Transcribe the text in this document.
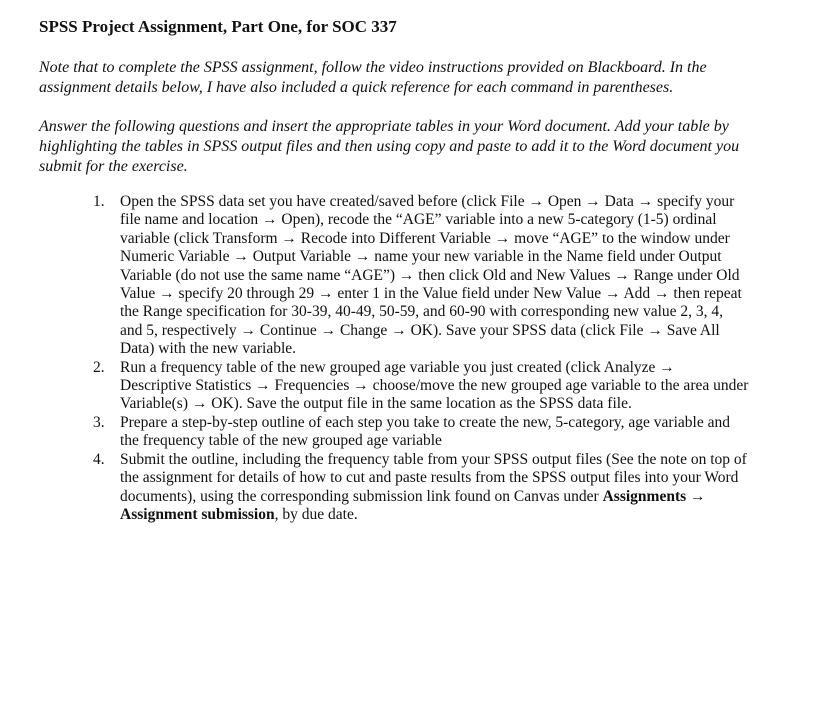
SPSS Project Assignment, Part One, for SOC 337

Note that to complete the SPSS assignment, follow the video instructions provided on Blackboard. In the assignment details below, I have also included a quick reference for each command in parentheses.

Answer the following questions and insert the appropriate tables in your Word document. Add your table by highlighting the tables in SPSS output files and then using copy and paste to add it to the Word document you submit for the exercise.

1. Open the SPSS data set you have created/saved before (click File → Open → Data → specify your file name and location → Open), recode the “AGE” variable into a new 5-category (1-5) ordinal variable (click Transform → Recode into Different Variable → move “AGE” to the window under Numeric Variable → Output Variable → name your new variable in the Name field under Output Variable (do not use the same name “AGE”) → then click Old and New Values → Range under Old Value → specify 20 through 29 → enter 1 in the Value field under New Value → Add → then repeat the Range specification for 30-39, 40-49, 50-59, and 60-90 with corresponding new value 2, 3, 4, and 5, respectively → Continue → Change → OK). Save your SPSS data (click File → Save All Data) with the new variable.
2. Run a frequency table of the new grouped age variable you just created (click Analyze → Descriptive Statistics → Frequencies → choose/move the new grouped age variable to the area under Variable(s) → OK). Save the output file in the same location as the SPSS data file.
3. Prepare a step-by-step outline of each step you take to create the new, 5-category, age variable and the frequency table of the new grouped age variable
4. Submit the outline, including the frequency table from your SPSS output files (See the note on top of the assignment for details of how to cut and paste results from the SPSS output files into your Word documents), using the corresponding submission link found on Canvas under Assignments → Assignment submission, by due date.
